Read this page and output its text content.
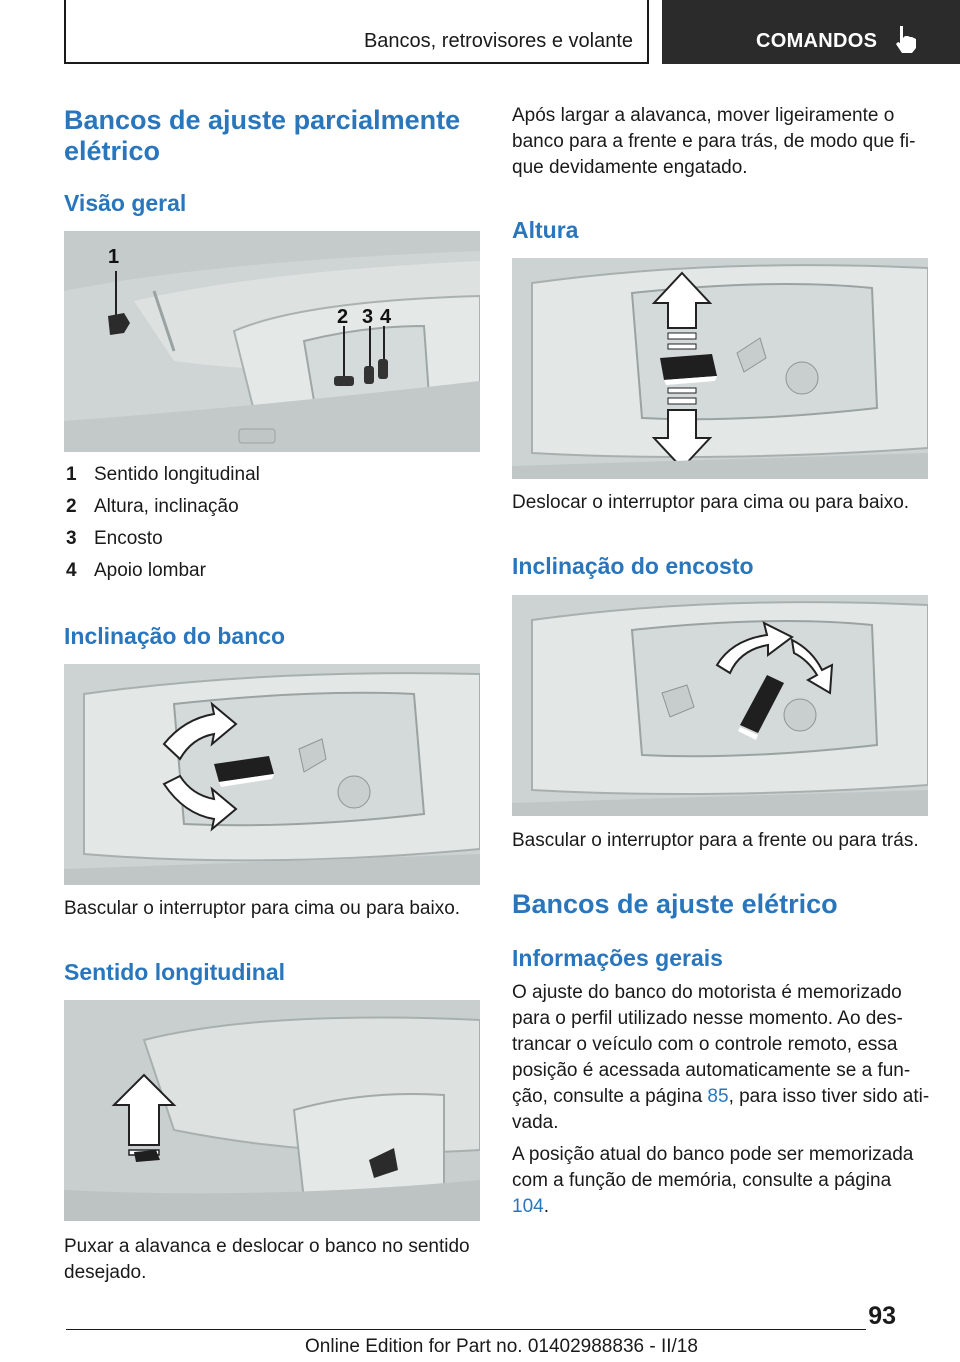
Bancos, retrovisores e volante	COMANDOS
Bancos de ajuste parcialmente elétrico
Visão geral
1
2 3 4
1 Sentido longitudinal
2 Altura, inclinação
3 Encosto
4 Apoio lombar
Inclinação do banco
Bascular o interruptor para cima ou para baixo.
Sentido longitudinal
Puxar a alavanca e deslocar o banco no sentido
desejado.
Após largar a alavanca, mover ligeiramente o
banco para a frente e para trás, de modo que fi-
que devidamente engatado.
Altura
Deslocar o interruptor para cima ou para baixo.
Inclinação do encosto
Bascular o interruptor para a frente ou para trás.
Bancos de ajuste elétrico
Informações gerais
O ajuste do banco do motorista é memorizado
para o perfil utilizado nesse momento. Ao des-
trancar o veículo com o controle remoto, essa
posição é acessada automaticamente se a fun-
ção, consulte a página 85, para isso tiver sido ati-
vada.
A posição atual do banco pode ser memorizada
com a função de memória, consulte a página
104.
93
Online Edition for Part no. 01402988836 - II/18
